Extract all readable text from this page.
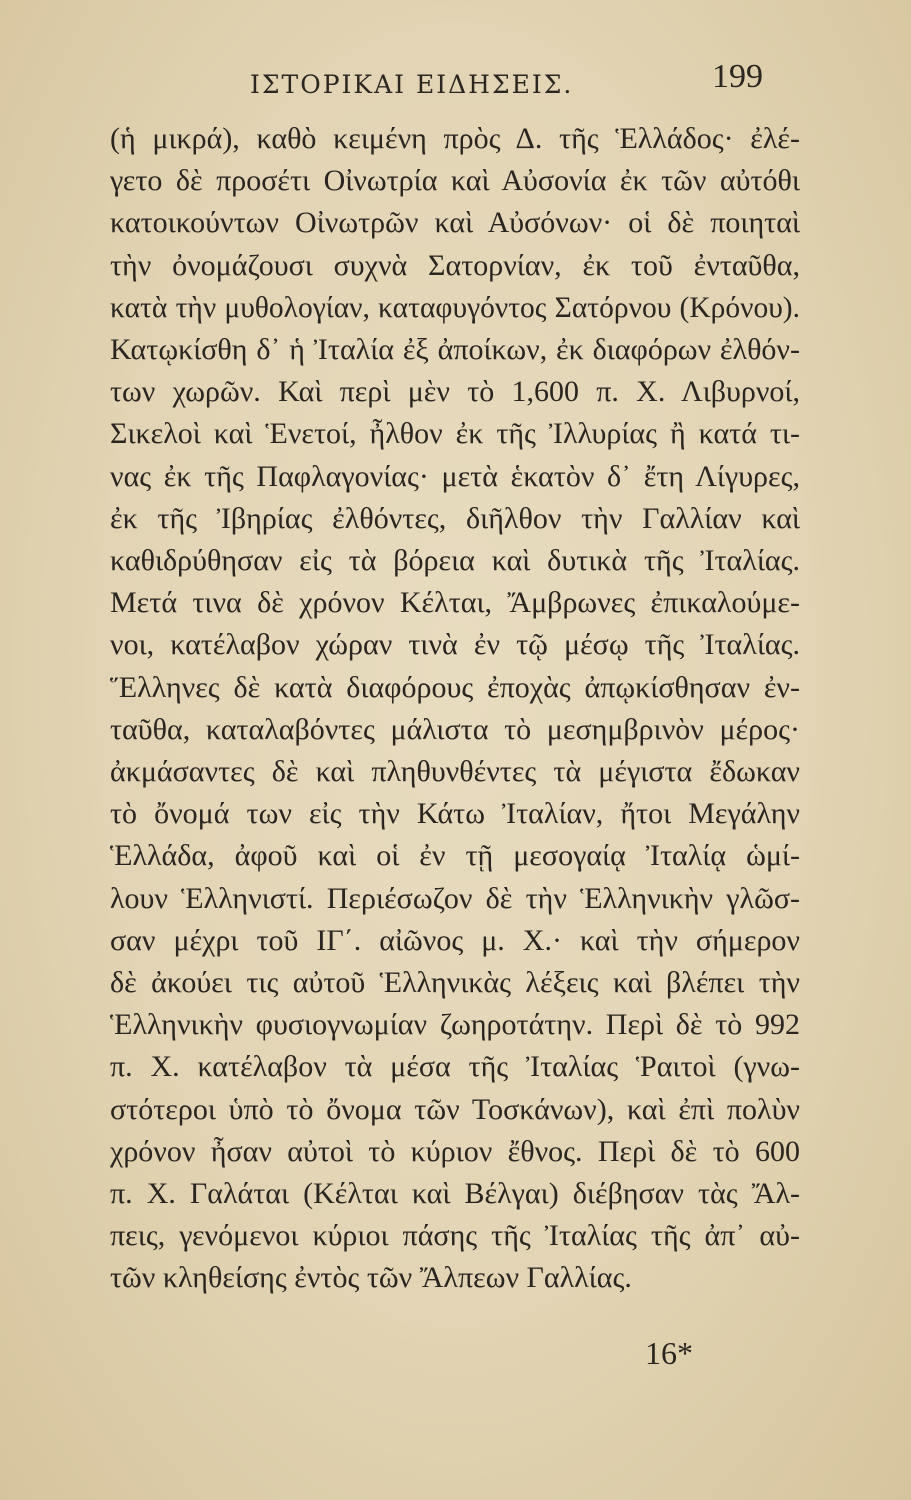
ΙΣΤΟΡΙΚΑΙ ΕΙΔΗΣΕΙΣ.	199
(ἡ μικρά), καθὸ κειμένη πρὸς Δ. τῆς Ἑλλάδος· ἐλέ-
γετο δὲ προσέτι Οἰνωτρία καὶ Αὐσονία ἐκ τῶν αὐτόθι
κατοικούντων Οἰνωτρῶν καὶ Αὐσόνων· οἱ δὲ ποιηταὶ
τὴν ὀνομάζουσι συχνὰ Σατορνίαν, ἐκ τοῦ ἐνταῦθα,
κατὰ τὴν μυθολογίαν, καταφυγόντος Σατόρνου (Κρόνου).
Κατῳκίσθη δ᾽ ἡ Ἰταλία ἐξ ἀποίκων, ἐκ διαφόρων ἐλθόν-
των χωρῶν. Καὶ περὶ μὲν τὸ 1,600 π. Χ. Λιβυρνοί,
Σικελοὶ καὶ Ἑνετοί, ἦλθον ἐκ τῆς Ἰλλυρίας ἢ κατά τι-
νας ἐκ τῆς Παφλαγονίας· μετὰ ἑκατὸν δ᾽ ἔτη Λίγυρες,
ἐκ τῆς Ἰβηρίας ἐλθόντες, διῆλθον τὴν Γαλλίαν καὶ
καθιδρύθησαν εἰς τὰ βόρεια καὶ δυτικὰ τῆς Ἰταλίας.
Μετά τινα δὲ χρόνον Κέλται, Ἄμβρωνες ἐπικαλούμε-
νοι, κατέλαβον χώραν τινὰ ἐν τῷ μέσῳ τῆς Ἰταλίας.
Ἕλληνες δὲ κατὰ διαφόρους ἐποχὰς ἀπῳκίσθησαν ἐν-
ταῦθα, καταλαβόντες μάλιστα τὸ μεσημβρινὸν μέρος·
ἀκμάσαντες δὲ καὶ πληθυνθέντες τὰ μέγιστα ἔδωκαν
τὸ ὄνομά των εἰς τὴν Κάτω Ἰταλίαν, ἤτοι Μεγάλην
Ἑλλάδα, ἀφοῦ καὶ οἱ ἐν τῇ μεσογαίᾳ Ἰταλίᾳ ὡμί-
λουν Ἑλληνιστί. Περιέσωζον δὲ τὴν Ἑλληνικὴν γλῶσ-
σαν μέχρι τοῦ ΙΓ΄. αἰῶνος μ. Χ.· καὶ τὴν σήμερον
δὲ ἀκούει τις αὐτοῦ Ἑλληνικὰς λέξεις καὶ βλέπει τὴν
Ἑλληνικὴν φυσιογνωμίαν ζωηροτάτην. Περὶ δὲ τὸ 992
π. Χ. κατέλαβον τὰ μέσα τῆς Ἰταλίας Ῥαιτοὶ (γνω-
στότεροι ὑπὸ τὸ ὄνομα τῶν Τοσκάνων), καὶ ἐπὶ πολὺν
χρόνον ἦσαν αὐτοὶ τὸ κύριον ἔθνος. Περὶ δὲ τὸ 600
π. Χ. Γαλάται (Κέλται καὶ Βέλγαι) διέβησαν τὰς Ἄλ-
πεις, γενόμενοι κύριοι πάσης τῆς Ἰταλίας τῆς ἀπ᾽ αὐ-
τῶν κληθείσης ἐντὸς τῶν Ἄλπεων Γαλλίας.
16*
